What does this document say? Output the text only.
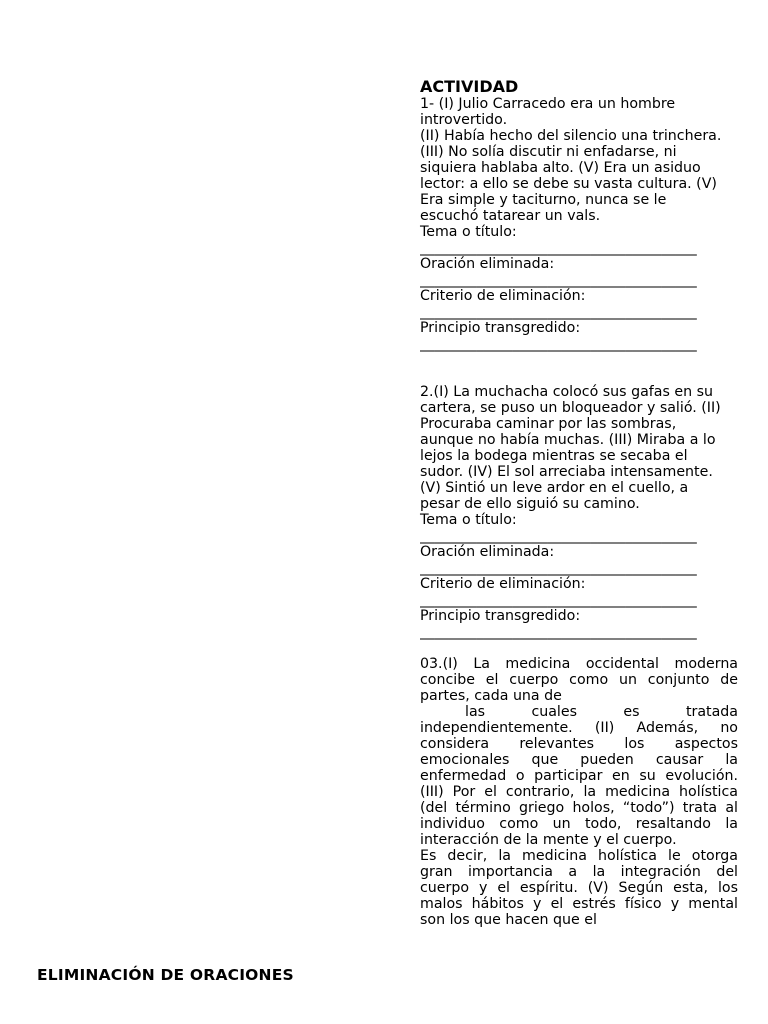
ACTIVIDAD

1- (I) Julio Carracedo era un hombre

introvertido.

(II) Había hecho del silencio una trinchera.

(III) No solía discutir ni enfadarse, ni

siquiera hablaba alto. (V) Era un asiduo

lector: a ello se debe su vasta cultura. (V)

Era simple y taciturno, nunca se le

escuchó tatarear un vals.

Tema o título:

_______________________________________

Oración eliminada:

_______________________________________

Criterio de eliminación:

_______________________________________

Principio transgredido:

_______________________________________

2.(I) La muchacha colocó sus gafas en su

cartera, se puso un bloqueador y salió. (II)

Procuraba caminar por las sombras,

aunque no había muchas. (III) Miraba a lo

lejos la bodega mientras se secaba el

sudor. (IV) El sol arreciaba intensamente.

(V) Sintió un leve ardor en el cuello, a

pesar de ello siguió su camino.

Tema o título:

_______________________________________

Oración eliminada:

_______________________________________

Criterio de eliminación:

_______________________________________

Principio transgredido:

_______________________________________

03.(I) La medicina occidental moderna

concibe el cuerpo como un conjunto de

partes, cada una de

las cuales es tratada

independientemente. (II) Además, no

considera relevantes los aspectos

emocionales que pueden causar la

enfermedad o participar en su evolución.

(III) Por el contrario, la medicina holística

(del término griego holos, “todo”) trata al

individuo como un todo, resaltando la

interacción de la mente y el cuerpo.

Es decir, la medicina holística le otorga

gran importancia a la integración del

cuerpo y el espíritu. (V) Según esta, los

malos hábitos y el estrés físico y mental

son los que hacen que el

ELIMINACIÓN DE ORACIONES
